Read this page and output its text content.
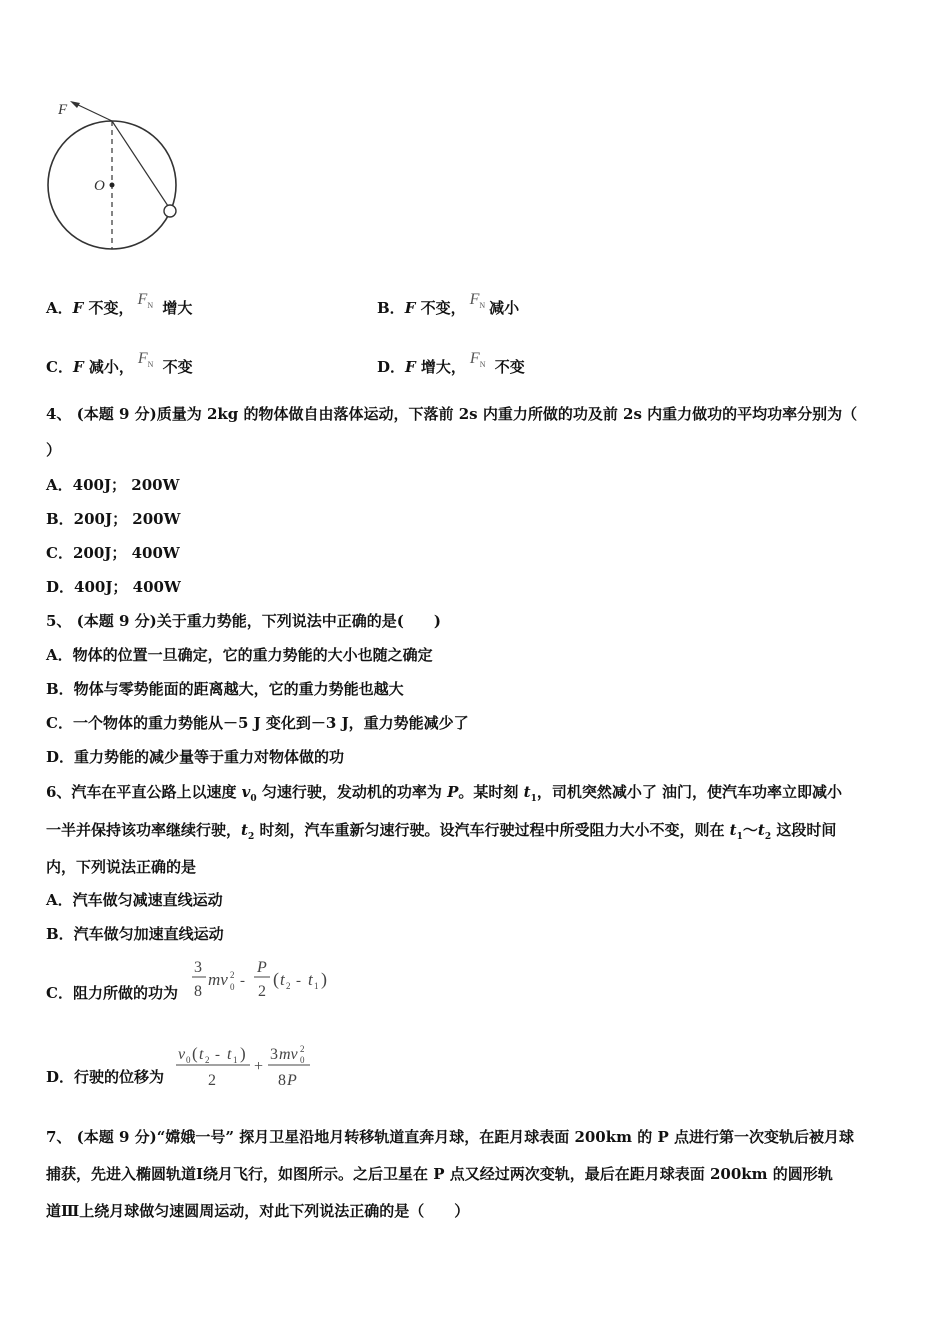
F
O
A．F 不变， $F_N$ 增大	B．F 不变， $F_N$ 减小
C．F 减小， $F_N$ 不变	D．F 增大， $F_N$ 不变
4、 (本题 9 分)质量为 2kg 的物体做自由落体运动，下落前 2s 内重力所做的功及前 2s 内重力做功的平均功率分别为（
）
A．400J； 200W
B．200J； 200W
C．200J； 400W
D．400J； 400W
5、 (本题 9 分)关于重力势能，下列说法中正确的是(　　)
A．物体的位置一旦确定，它的重力势能的大小也随之确定
B．物体与零势能面的距离越大，它的重力势能也越大
C．一个物体的重力势能从－5 J 变化到－3 J，重力势能减少了
D．重力势能的减少量等于重力对物体做的功
6、汽车在平直公路上以速度 $v_0$ 匀速行驶，发动机的功率为 P。某时刻 $t_1$，司机突然减小了 油门，使汽车功率立即减小
一半并保持该功率继续行驶，$t_2$ 时刻，汽车重新匀速行驶。设汽车行驶过程中所受阻力大小不变，则在 $t_1\sim t_2$ 这段时间
内，下列说法正确的是
A．汽车做匀减速直线运动
B．汽车做匀加速直线运动
C．阻力所做的功为
3
8
mv 2
0 -
P
2
( t 2 - t 1 )
D．行驶的位移为
v 0 ( t 2 - t 1 )
2
+
3 mv 2
0
8 P
7、 (本题 9 分)“嫦娥一号” 探月卫星沿地月转移轨道直奔月球，在距月球表面 200km 的 P 点进行第一次变轨后被月球
捕获，先进入椭圆轨道Ⅰ绕月飞行，如图所示。之后卫星在 P 点又经过两次变轨，最后在距月球表面 200km 的圆形轨
道Ⅲ上绕月球做匀速圆周运动，对此下列说法正确的是（　　）
